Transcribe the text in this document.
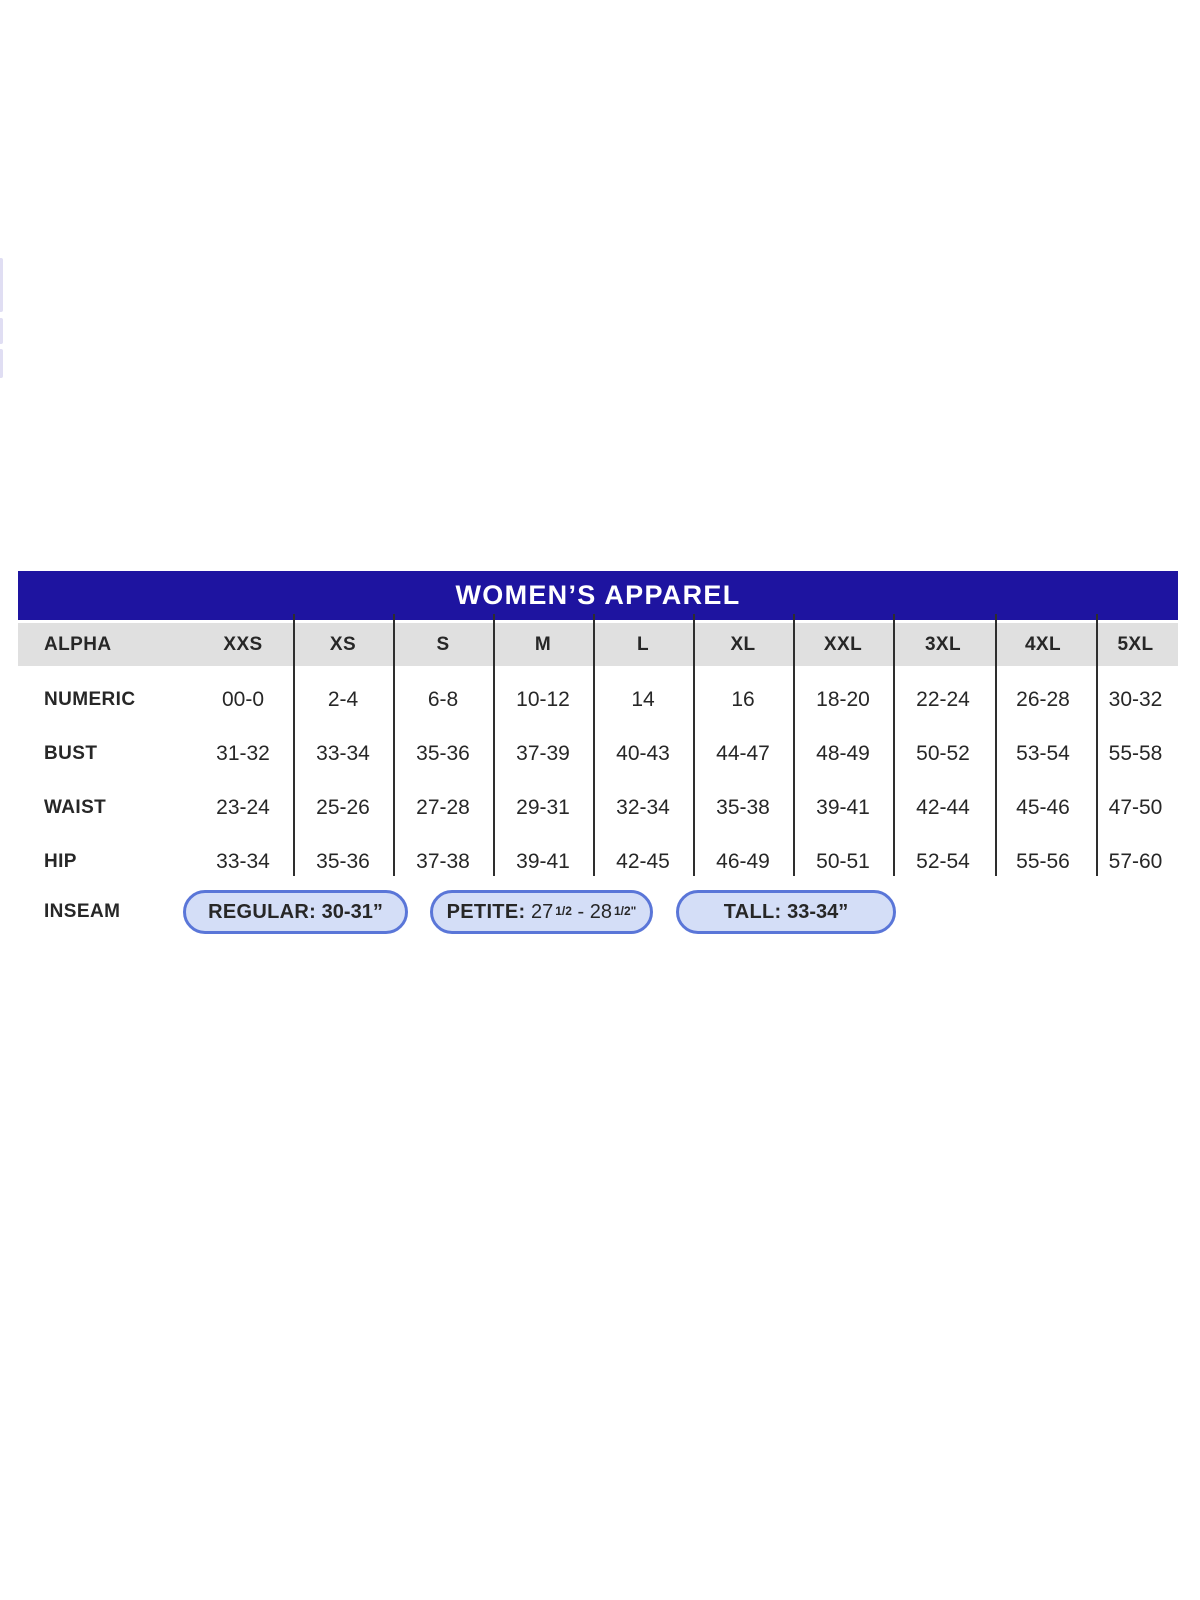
WOMEN’S APPAREL
ALPHA	XXS	XS	S	M	L	XL	XXL	3XL	4XL	5XL
NUMERIC	00-0	2-4	6-8	10-12	14	16	18-20	22-24	26-28	30-32
BUST	31-32	33-34	35-36	37-39	40-43	44-47	48-49	50-52	53-54	55-58
WAIST	23-24	25-26	27-28	29-31	32-34	35-38	39-41	42-44	45-46	47-50
HIP	33-34	35-36	37-38	39-41	42-45	46-49	50-51	52-54	55-56	57-60
INSEAM	REGULAR: 30-31”	PETITE: $27^{1/2} - 28^{1/2"}$	TALL: 33-34”
